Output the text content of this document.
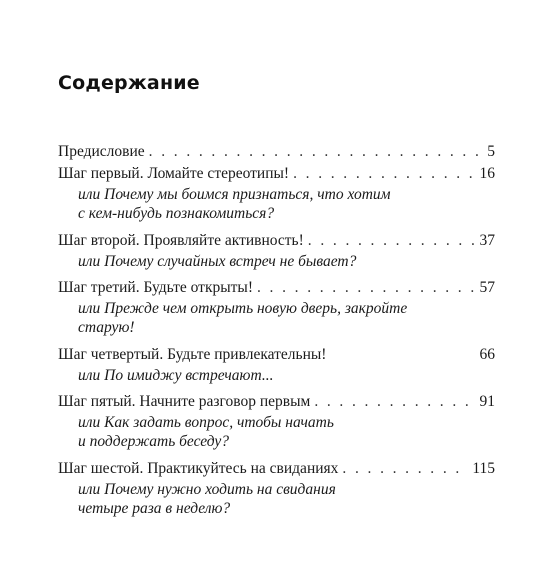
Содержание
Предисловие . . .	5
Шаг первый. Ломайте стереотипы! . . .	16

или Почему мы боимся признаться, что хотим
с кем-нибудь познакомиться?

Шаг второй. Проявляйте активность! . . .	37

или Почему случайных встреч не бывает?

Шаг третий. Будьте открыты! . . .	57

или Прежде чем открыть новую дверь, закройте
старую!

Шаг четвертый. Будьте привлекательны!	66

или По имиджу встречают...

Шаг пятый. Начните разговор первым . . .	91

или Как задать вопрос, чтобы начать
и поддержать беседу?

Шаг шестой. Практикуйтесь на свиданиях . . .	115

или Почему нужно ходить на свидания
четыре раза в неделю?
